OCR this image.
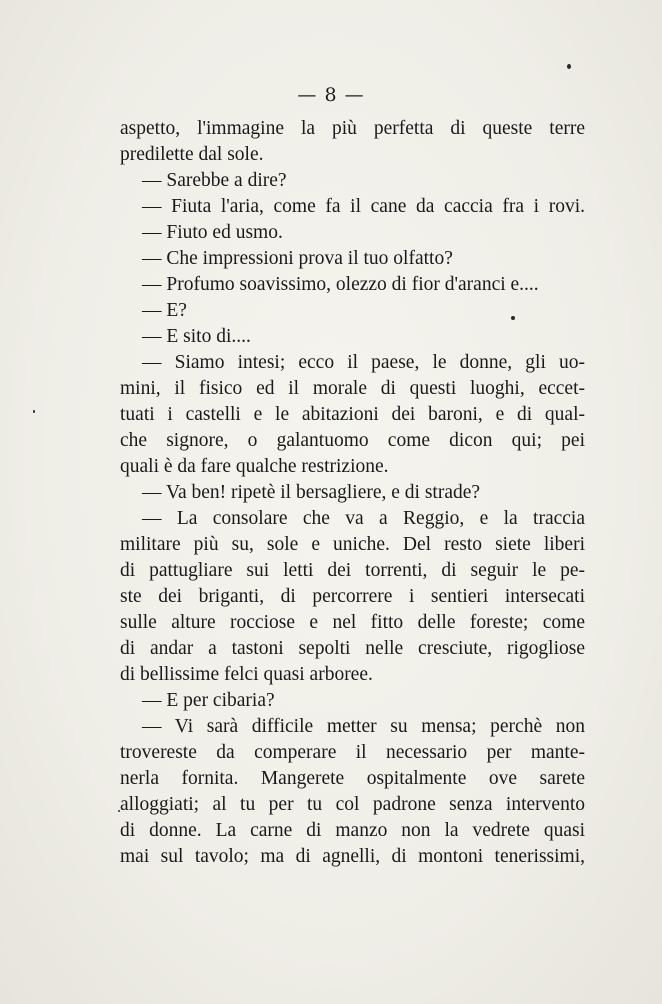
— 8 —
aspetto, l'immagine la più perfetta di queste terre
predilette dal sole.
— Sarebbe a dire?
— Fiuta l'aria, come fa il cane da caccia fra i rovi.
— Fiuto ed usmo.
— Che impressioni prova il tuo olfatto?
— Profumo soavissimo, olezzo di fior d'aranci e....
— E?
— E sito di....
— Siamo intesi; ecco il paese, le donne, gli uo-
mini, il fisico ed il morale di questi luoghi, eccet-
tuati i castelli e le abitazioni dei baroni, e di qual-
che signore, o galantuomo come dicon qui; pei
quali è da fare qualche restrizione.
— Va ben! ripetè il bersagliere, e di strade?
— La consolare che va a Reggio, e la traccia
militare più su, sole e uniche. Del resto siete liberi
di pattugliare sui letti dei torrenti, di seguir le pe-
ste dei briganti, di percorrere i sentieri intersecati
sulle alture rocciose e nel fitto delle foreste; come
di andar a tastoni sepolti nelle cresciute, rigogliose
di bellissime felci quasi arboree.
— E per cibaria?
— Vi sarà difficile metter su mensa; perchè non
trovereste da comperare il necessario per mante-
nerla fornita. Mangerete ospitalmente ove sarete
alloggiati; al tu per tu col padrone senza intervento
di donne. La carne di manzo non la vedrete quasi
mai sul tavolo; ma di agnelli, di montoni tenerissimi,
